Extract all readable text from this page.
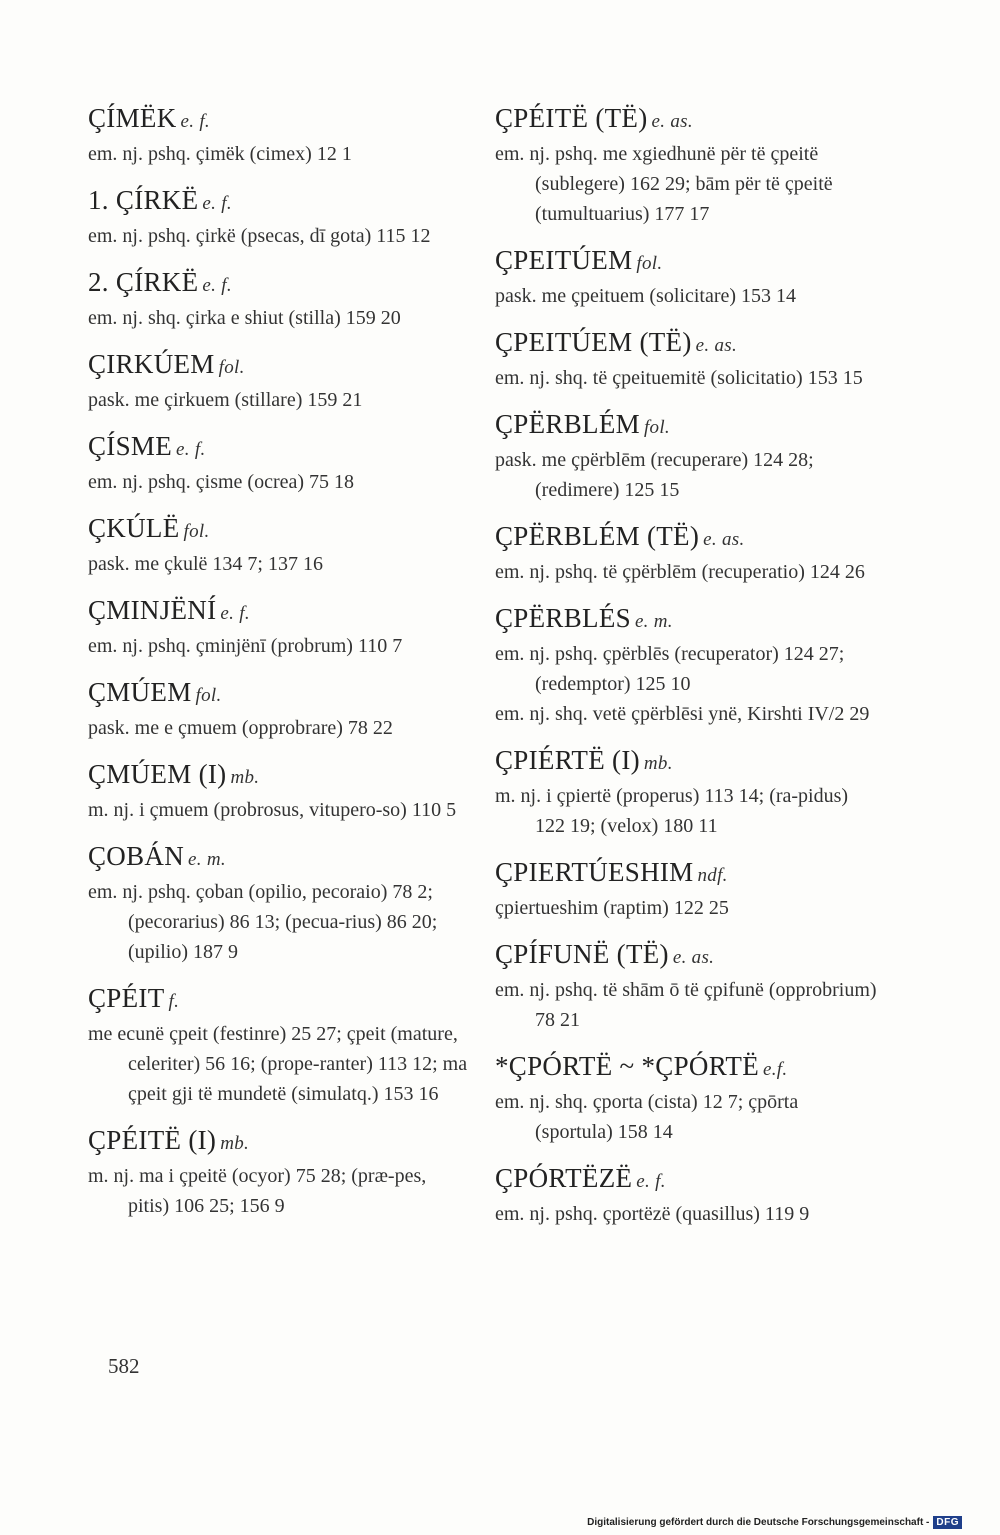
ÇÍMËK e. f.

em. nj. pshq. çimëk (cimex) 12 1

1. ÇÍRKË e. f.

em. nj. pshq. çirkë (psecas, dī gota) 115 12

2. ÇÍRKË e. f.

em. nj. shq. çirka e shiut (stilla) 159 20

ÇIRKÚEM fol.

pask. me çirkuem (stillare) 159 21

ÇÍSME e. f.

em. nj. pshq. çisme (ocrea) 75 18

ÇKÚLË fol.

pask. me çkulë 134 7; 137 16

ÇMINJËNÍ e. f.

em. nj. pshq. çminjënī (probrum) 110 7

ÇMÚEM fol.

pask. me e çmuem (opprobrare) 78 22

ÇMÚEM (I) mb.

m. nj. i çmuem (probrosus, vitupero-so) 110 5

ÇOBÁN e. m.

em. nj. pshq. çoban (opilio, pecoraio) 78 2; (pecorarius) 86 13; (pecua-rius) 86 20; (upilio) 187 9

ÇPÉIT f.

me ecunë çpeit (festinre) 25 27; çpeit (mature, celeriter) 56 16; (prope-ranter) 113 12; ma çpeit gji të mundetë (simulatq.) 153 16

ÇPÉITË (I) mb.

m. nj. ma i çpeitë (ocyor) 75 28; (præ-pes, pitis) 106 25; 156 9

ÇPÉITË (TË) e. as.

em. nj. pshq. me xgiedhunë për të çpeitë (sublegere) 162 29; bām për të çpeitë (tumultuarius) 177 17

ÇPEITÚEM fol.

pask. me çpeituem (solicitare) 153 14

ÇPEITÚEM (TË) e. as.

em. nj. shq. të çpeituemitë (solicitatio) 153 15

ÇPËRBLÉM fol.

pask. me çpërblēm (recuperare) 124 28; (redimere) 125 15

ÇPËRBLÉM (TË) e. as.

em. nj. pshq. të çpërblēm (recuperatio) 124 26

ÇPËRBLÉS e. m.

em. nj. pshq. çpërblēs (recuperator) 124 27; (redemptor) 125 10

em. nj. shq. vetë çpërblēsi ynë, Kirshti IV/2 29

ÇPIÉRTË (I) mb.

m. nj. i çpiertë (properus) 113 14; (ra-pidus) 122 19; (velox) 180 11

ÇPIERTÚESHIM ndf.

çpiertueshim (raptim) 122 25

ÇPÍFUNË (TË) e. as.

em. nj. pshq. të shām ō të çpifunë (opprobrium) 78 21

*ÇPÓRTË ~ *ÇPÓRTË e.f.

em. nj. shq. çporta (cista) 12 7; çpōrta (sportula) 158 14

ÇPÓRTËZË e. f.

em. nj. pshq. çportëzë (quasillus) 119 9

582
Digitalisierung gefördert durch die Deutsche Forschungsgemeinschaft - DFG
